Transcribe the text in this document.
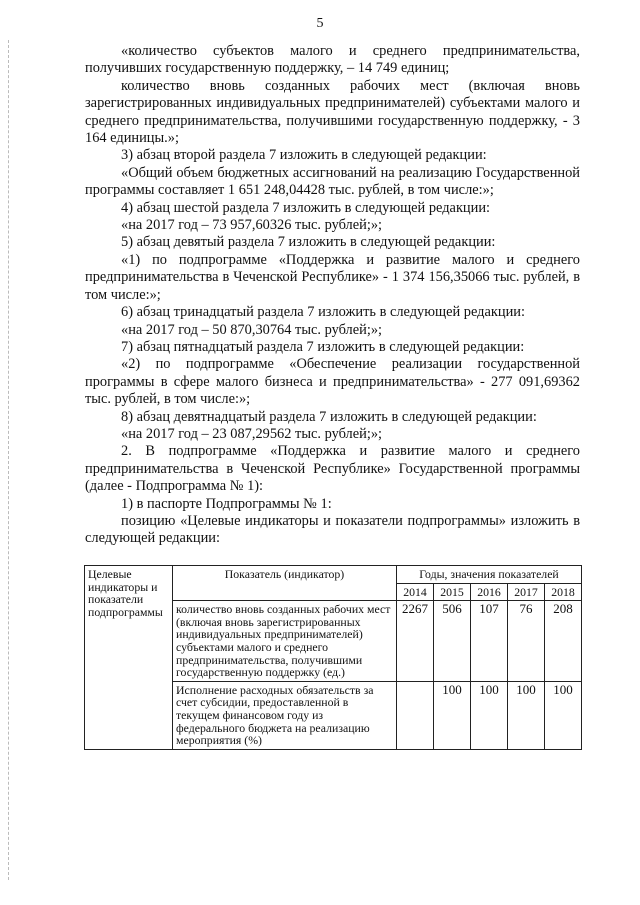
5

«количество субъектов малого и среднего предпринимательства, получивших государственную поддержку, – 14 749 единиц;

количество вновь созданных рабочих мест (включая вновь зарегистрированных индивидуальных предпринимателей) субъектами малого и среднего предпринимательства, получившими государственную поддержку, - 3 164 единицы.»;

3) абзац второй раздела 7 изложить в следующей редакции:

«Общий объем бюджетных ассигнований на реализацию Государственной программы составляет 1 651 248,04428 тыс. рублей, в том числе:»;

4) абзац шестой раздела 7 изложить в следующей редакции:

«на 2017 год – 73 957,60326 тыс. рублей;»;

5) абзац девятый раздела 7 изложить в следующей редакции:

«1) по подпрограмме «Поддержка и развитие малого и среднего предпринимательства в Чеченской Республике» - 1 374 156,35066 тыс. рублей, в том числе:»;

6) абзац тринадцатый раздела 7 изложить в следующей редакции:

«на 2017 год – 50 870,30764 тыс. рублей;»;

7) абзац пятнадцатый раздела 7 изложить в следующей редакции:

«2) по подпрограмме «Обеспечение реализации государственной программы в сфере малого бизнеса и предпринимательства» - 277 091,69362 тыс. рублей, в том числе:»;

8) абзац девятнадцатый раздела 7 изложить в следующей редакции:

«на 2017 год – 23 087,29562 тыс. рублей;»;

2. В подпрограмме «Поддержка и развитие малого и среднего предпринимательства в Чеченской Республике» Государственной программы (далее - Подпрограмма № 1):

1) в паспорте Подпрограммы № 1:

позицию «Целевые индикаторы и показатели подпрограммы» изложить в следующей редакции:

Целевые индикаторы и показатели подпрограммы	Показатель (индикатор)	Годы, значения показателей				
		2014	2015	2016	2017	2018
	количество вновь созданных рабочих мест (включая вновь зарегистрированных индивидуальных предпринимателей) субъектами малого и среднего предпринимательства, получившими государственную поддержку (ед.)	2267	506	107	76	208
	Исполнение расходных обязательств за счет субсидии, предоставленной в текущем финансовом году из федерального бюджета на реализацию мероприятия (%)		100	100	100	100
